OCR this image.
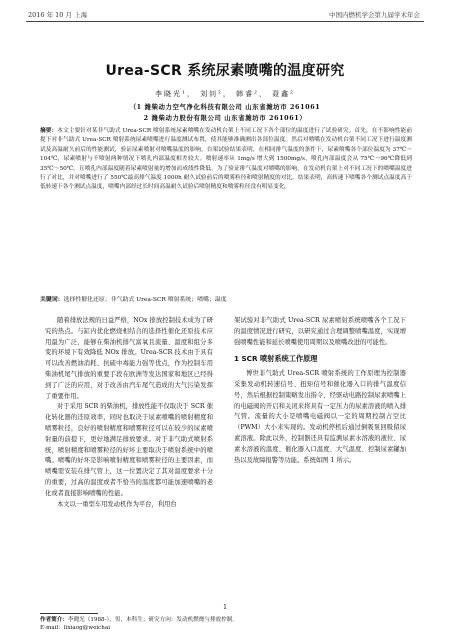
2016 年 10 月 上海	中国内燃机学会第九届学术年会
Urea-SCR 系统尿素喷嘴的温度研究
李晓光¹， 刘钊²， 韩睿²， 聂鑫²
（1 潍柴动力空气净化科技有限公司 山东省潍坊市 261061
2 潍柴动力股份有限公司 山东省潍坊市 261061）
摘要：本文主要针对某非气助式 Urea-SCR 喷射系统尿素喷嘴在发动机台架上不同工况下各个部位的温度进行了试验研究。首先，在不影响性能前提下对非气助式 Urea-SCR 喷射系统尿素喷嘴进行温度测试布置，使其能够准确测出各部位温度。然后对喷嘴在发动机台架不同工况下进行温度测试及高温耐久前后的性能测试，验证尿素喷射对喷嘴温度的影响。台架试验结果表明，在相同排气温度的条件下，尿素喷嘴各个部位温度为 37℃～104℃，尿素喷射与不喷射两种情况下喷孔内部温度相差较大。喷射速率从 1mg/s 增大到 1500mg/s，喷孔内部温度会从 75℃～96℃降低到 35℃～50℃，且喷孔内部温度随着尿素喷射量的增加而成线性降低。为了验证排气温度对喷嘴的影响，在发动机台架上对不同工况下的喷嘴温度进行了对比，并对喷嘴进行了 550℃最高排气温度 1000h 耐久试验前后的喷雾粒径和喷射精度的对比。结果表明，高转速下喷嘴各个测试点温度高于低转速下各个测试点温度，喷嘴内部经过长时间高温耐久试验后喷射精度和喷雾粒径没有明显变化。
关键词：选择性催化还原；非气助式 Urea-SCR 喷射系统；喷嘴；温度

随着排放法规的日益严格，NOx 排放控制技术成为了研究的热点。与缸内优化燃烧相结合的选择性催化还原技术应用最为广泛，能够在柴油机排气富氧且流量、温度和组分多变的环境下有效降低 NOx 排放。Urea-SCR 技术由于具有可以改善燃油消耗、抗硫中毒能力强等优点，作为控制车用柴油机尾气排放的重要手段在欧洲等发达国家和地区已经得到了广泛的应用，对于改善由汽车尾气造成的大气污染发挥了重要作用。

对于采用 SCR 的柴油机，排放性能不仅取决于 SCR 催化转化器的还原效率，同时也取决于尿素喷嘴的喷射精度和喷雾粒径，良好的喷射精度和喷雾粒径可以在较少的尿素喷射量的前提下，更好地满足排放要求。对于非气助式喷射系统，喷射精度和喷雾粒径的好坏主要取决于喷射系统中的喷嘴。喷嘴的好坏是影响喷射精度和喷雾粒径的主要因素，而喷嘴需安装在排气管上，这一位置决定了其对温度要求十分的重要，过高的温度或者不恰当的温度都可能加速喷嘴的老化或者直接影响喷嘴的性能。

本文以一重型车用发动机作为平台，利用台

架试验对非气助式 Urea-SCR 尿素喷射系统喷嘴各个工况下的温度情况进行研究，以研究通过合理调整喷嘴温度，实现增强喷嘴性能和延长喷嘴使用周期以及喷嘴改进的可能性。

1 SCR 喷射系统工作原理

博世非气助式 Urea-SCR 喷射系统的工作原理为控制器采集发动机转速信号、扭矩信号和催化器入口的排气温度信号，然后根据控制策略发出指令，经驱动电路控制尿素喷嘴上的电磁阀的开启和关闭来将具有一定压力的尿素溶液的喷入排气管。流量的大小是喷嘴电磁阀以一定的周期控制占空比（PWM）大小来实现的。发动机停机后通过倒吸泵回吸留尿素溶液。除此以外，控制器还具有监测尿素水溶液的液位、尿素水溶液的温度、催化器入口温度、大气温度、控制尿素罐加热以及故障报警等功能。系统如图 1 所示。

1
作者简介：李晓光（1988-），男，本科生；研究方向：发动机燃烧与排放控制。
E-mail：lixiaog@weichai
